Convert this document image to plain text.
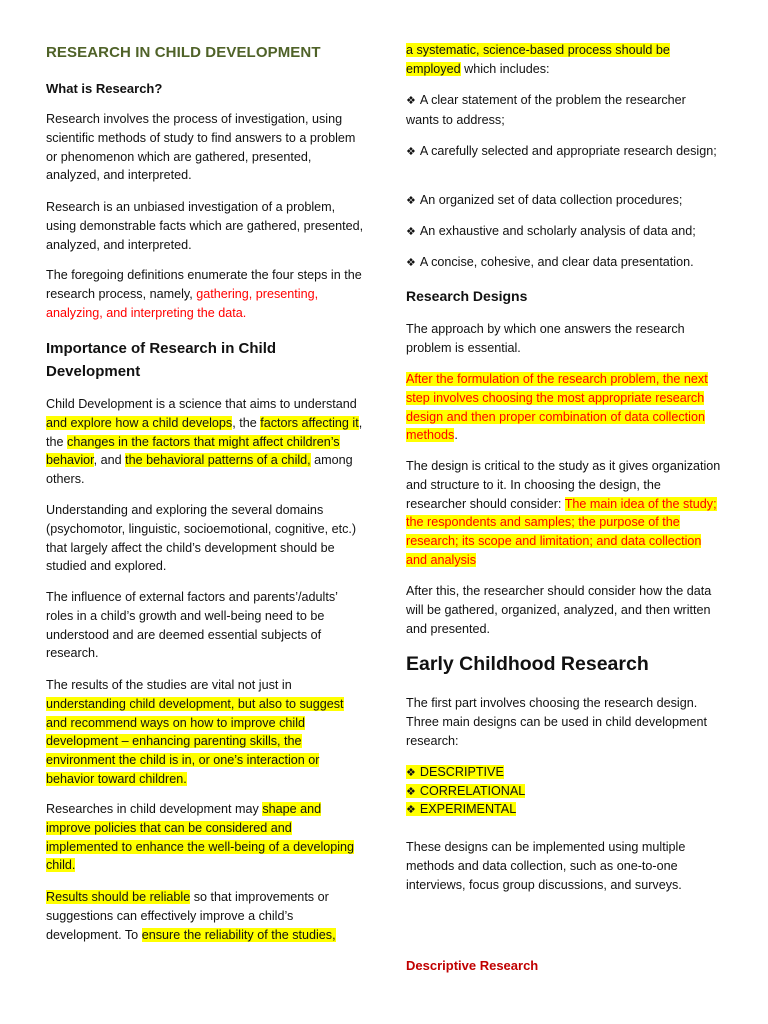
RESEARCH IN CHILD DEVELOPMENT
What is Research?

Research involves the process of investigation, using scientific methods of study to find answers to a problem or phenomenon which are gathered, presented, analyzed, and interpreted.

Research is an unbiased investigation of a problem, using demonstrable facts which are gathered, presented, analyzed, and interpreted.

The foregoing definitions enumerate the four steps in the research process, namely, gathering, presenting, analyzing, and interpreting the data.

Importance of Research in Child Development

Child Development is a science that aims to understand and explore how a child develops, the factors affecting it, the changes in the factors that might affect children’s behavior, and the behavioral patterns of a child, among others.

Understanding and exploring the several domains (psychomotor, linguistic, socioemotional, cognitive, etc.) that largely affect the child’s development should be studied and explored.

The influence of external factors and parents’/adults’ roles in a child’s growth and well-being need to be understood and are deemed essential subjects of research.

The results of the studies are vital not just in understanding child development, but also to suggest and recommend ways on how to improve child development – enhancing parenting skills, the environment the child is in, or one’s interaction or behavior toward children.

Researches in child development may shape and improve policies that can be considered and implemented to enhance the well-being of a developing child.

Results should be reliable so that improvements or suggestions can effectively improve a child’s development. To ensure the reliability of the studies,

a systematic, science-based process should be employed which includes:

❖ A clear statement of the problem the researcher wants to address;
❖ A carefully selected and appropriate research design;
❖ An organized set of data collection procedures;
❖ An exhaustive and scholarly analysis of data and;
❖ A concise, cohesive, and clear data presentation.
Research Designs

The approach by which one answers the research problem is essential.

After the formulation of the research problem, the next step involves choosing the most appropriate research design and then proper combination of data collection methods.

The design is critical to the study as it gives organization and structure to it. In choosing the design, the researcher should consider: The main idea of the study; the respondents and samples; the purpose of the research; its scope and limitation; and data collection and analysis

After this, the researcher should consider how the data will be gathered, organized, analyzed, and then written and presented.

Early Childhood Research

The first part involves choosing the research design. Three main designs can be used in child development research:

❖ DESCRIPTIVE
❖ CORRELATIONAL
❖ EXPERIMENTAL

These designs can be implemented using multiple methods and data collection, such as one-to-one interviews, focus group discussions, and surveys.

Descriptive Research
